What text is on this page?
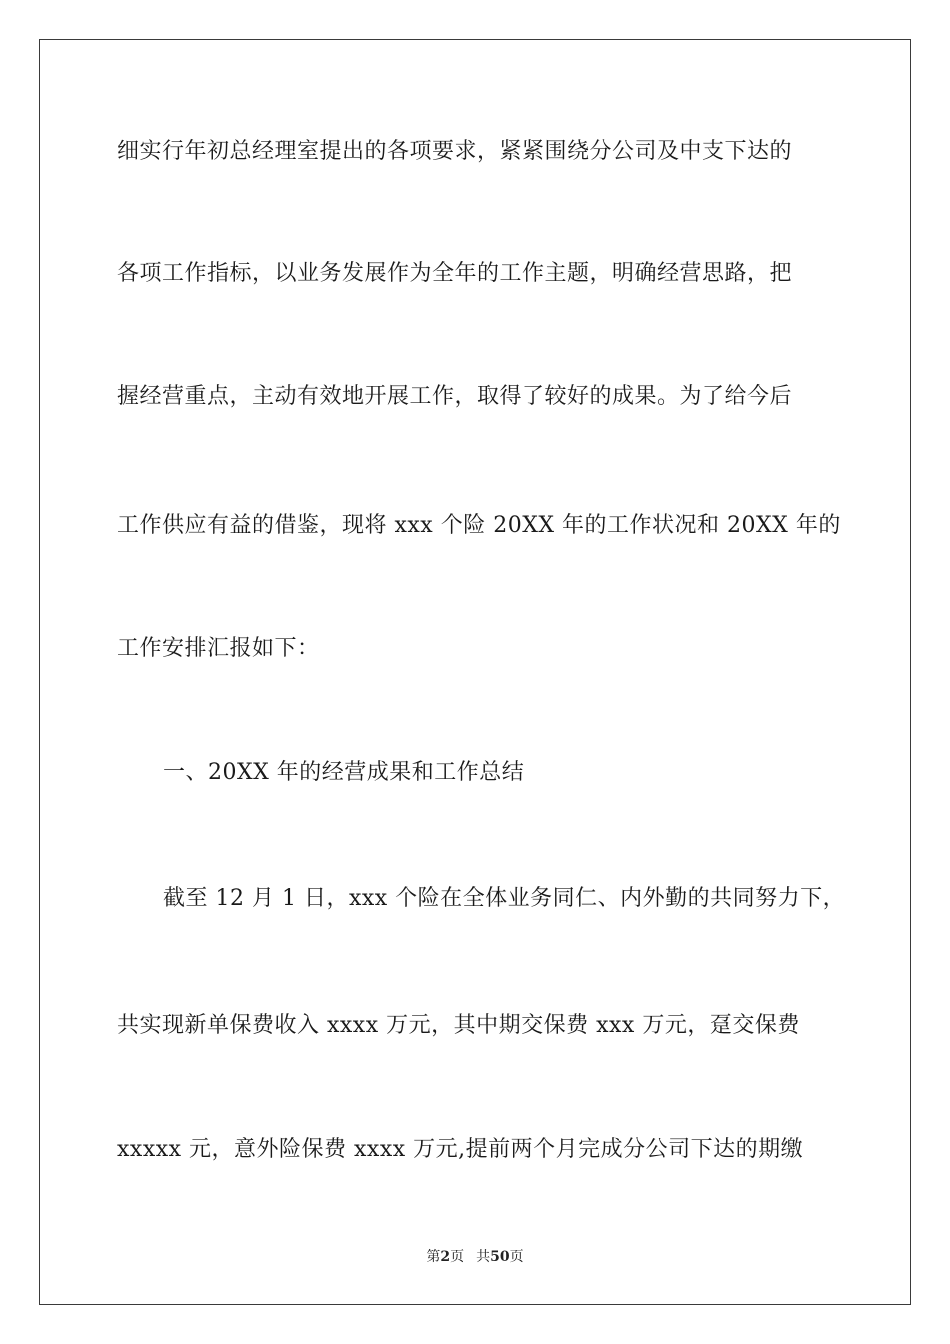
细实行年初总经理室提出的各项要求，紧紧围绕分公司及中支下达的
各项工作指标，以业务发展作为全年的工作主题，明确经营思路，把
握经营重点，主动有效地开展工作，取得了较好的成果。为了给今后
工作供应有益的借鉴，现将 xxx 个险 20XX 年的工作状况和 20XX 年的
工作安排汇报如下：
一、20XX 年的经营成果和工作总结
截至 12 月 1 日，xxx 个险在全体业务同仁、内外勤的共同努力下，
共实现新单保费收入 xxxx 万元，其中期交保费 xxx 万元，趸交保费
xxxxx 元，意外险保费 xxxx 万元,提前两个月完成分公司下达的期缴
第2页 共50页
